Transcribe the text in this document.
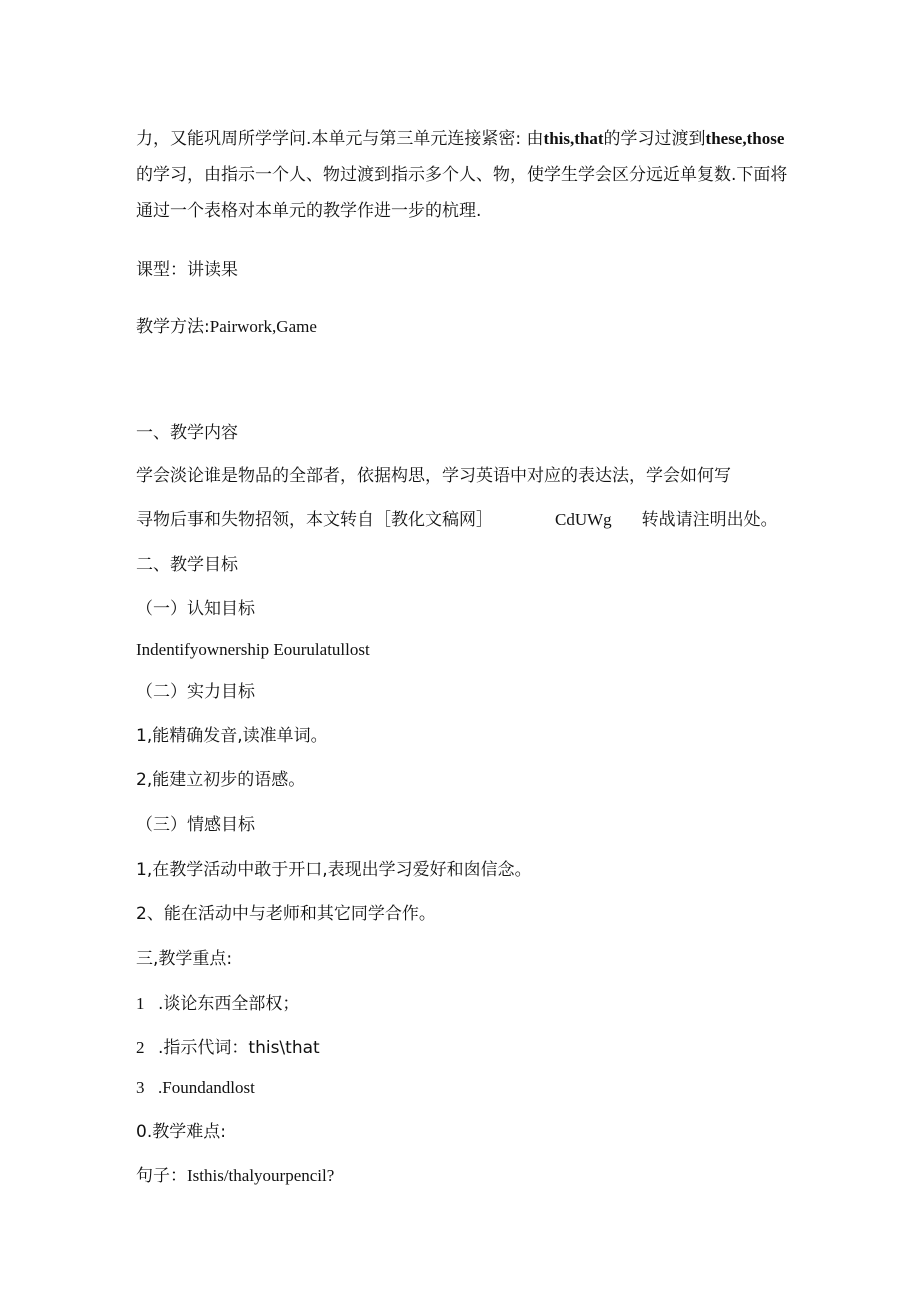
力，又能巩周所学学问.本单元与第三单元连接紧密: 由this,that的学习过渡到these,those
的学习，由指示一个人、物过渡到指示多个人、物，使学生学会区分远近单复数.下面将
通过一个表格对本单元的教学作进一步的杭理.
课型：讲读果
教学方法:Pairwork,Game
一、教学内容
学会淡论谁是物品的全部者，依据构思，学习英语中对应的表达法，学会如何写
寻物后事和失物招领，本文转自［教化文稿网］	CdUWg 转战请注明出处。
二、教学目标
（一）认知目标
Indentifyownership Eourulatullost
（二）实力目标
1,能精确发音,读准单词。
2,能建立初步的语感。
（三）情感目标
1,在教学活动中敢于开口,表现出学习爱好和囱信念。
2、能在活动中与老师和其它同学合作。
三,教学重点:
1 .谈论东西全部权；
2 .指示代词：this\that
3 .Foundandlost
0.教学难点:
句子：Isthis/thalyourpencil?
